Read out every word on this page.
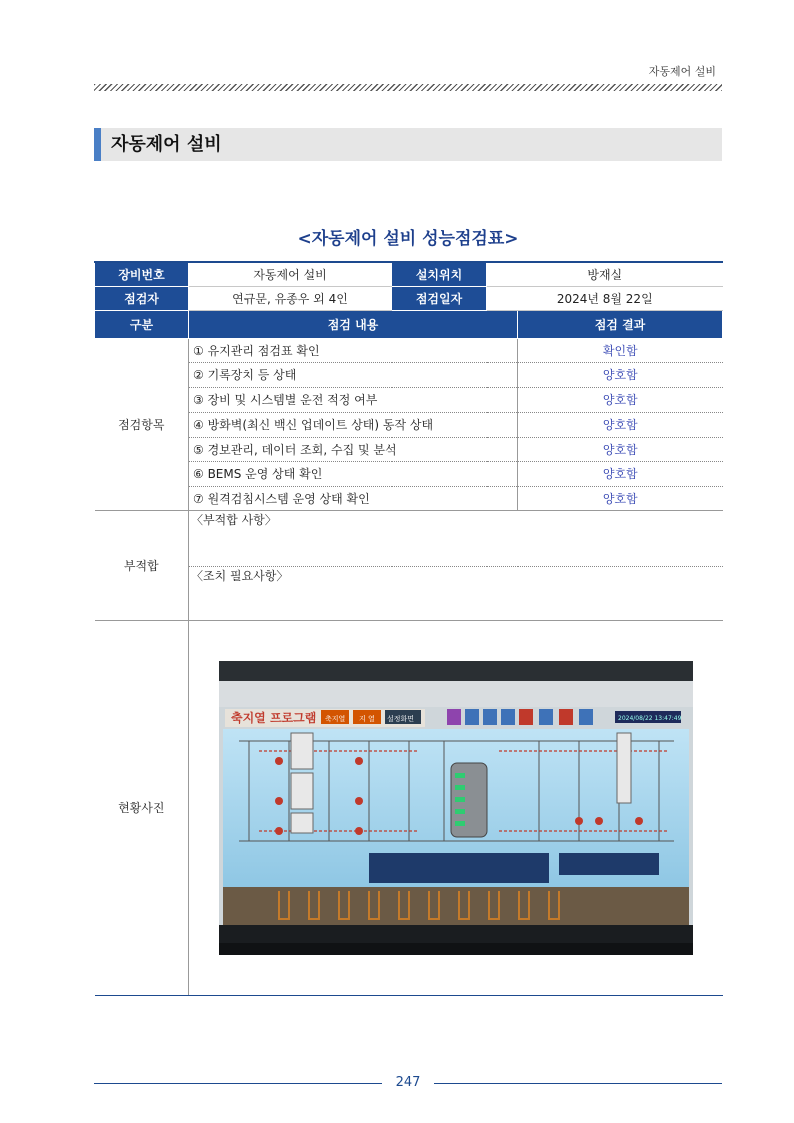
자동제어 설비
자동제어 설비
<자동제어 설비 성능점검표>
장비번호	자동제어 설비	설치위치	방재실	
점검자	연규문, 유종우 외 4인	점검일자	2024년 8월 22일	
구분	점검 내용			점검 결과
점검항목	① 유지관리 점검표 확인			확인함
	② 기록장치 등 상태			양호함
	③ 장비 및 시스템별 운전 적정 여부			양호함
	④ 방화벽(최신 백신 업데이트 상태) 동작 상태			양호함
	⑤ 경보관리, 데이터 조회, 수집 및 분석			양호함
	⑥ BEMS 운영 상태 확인			양호함
	⑦ 원격검침시스템 운영 상태 확인			양호함
부적합	〈부적합 사항〉			
	〈조치 필요사항〉			
현황사진	축지열 프로그램 축지열 지 열 설정화면 2024/08/22 13:47:49			
247
